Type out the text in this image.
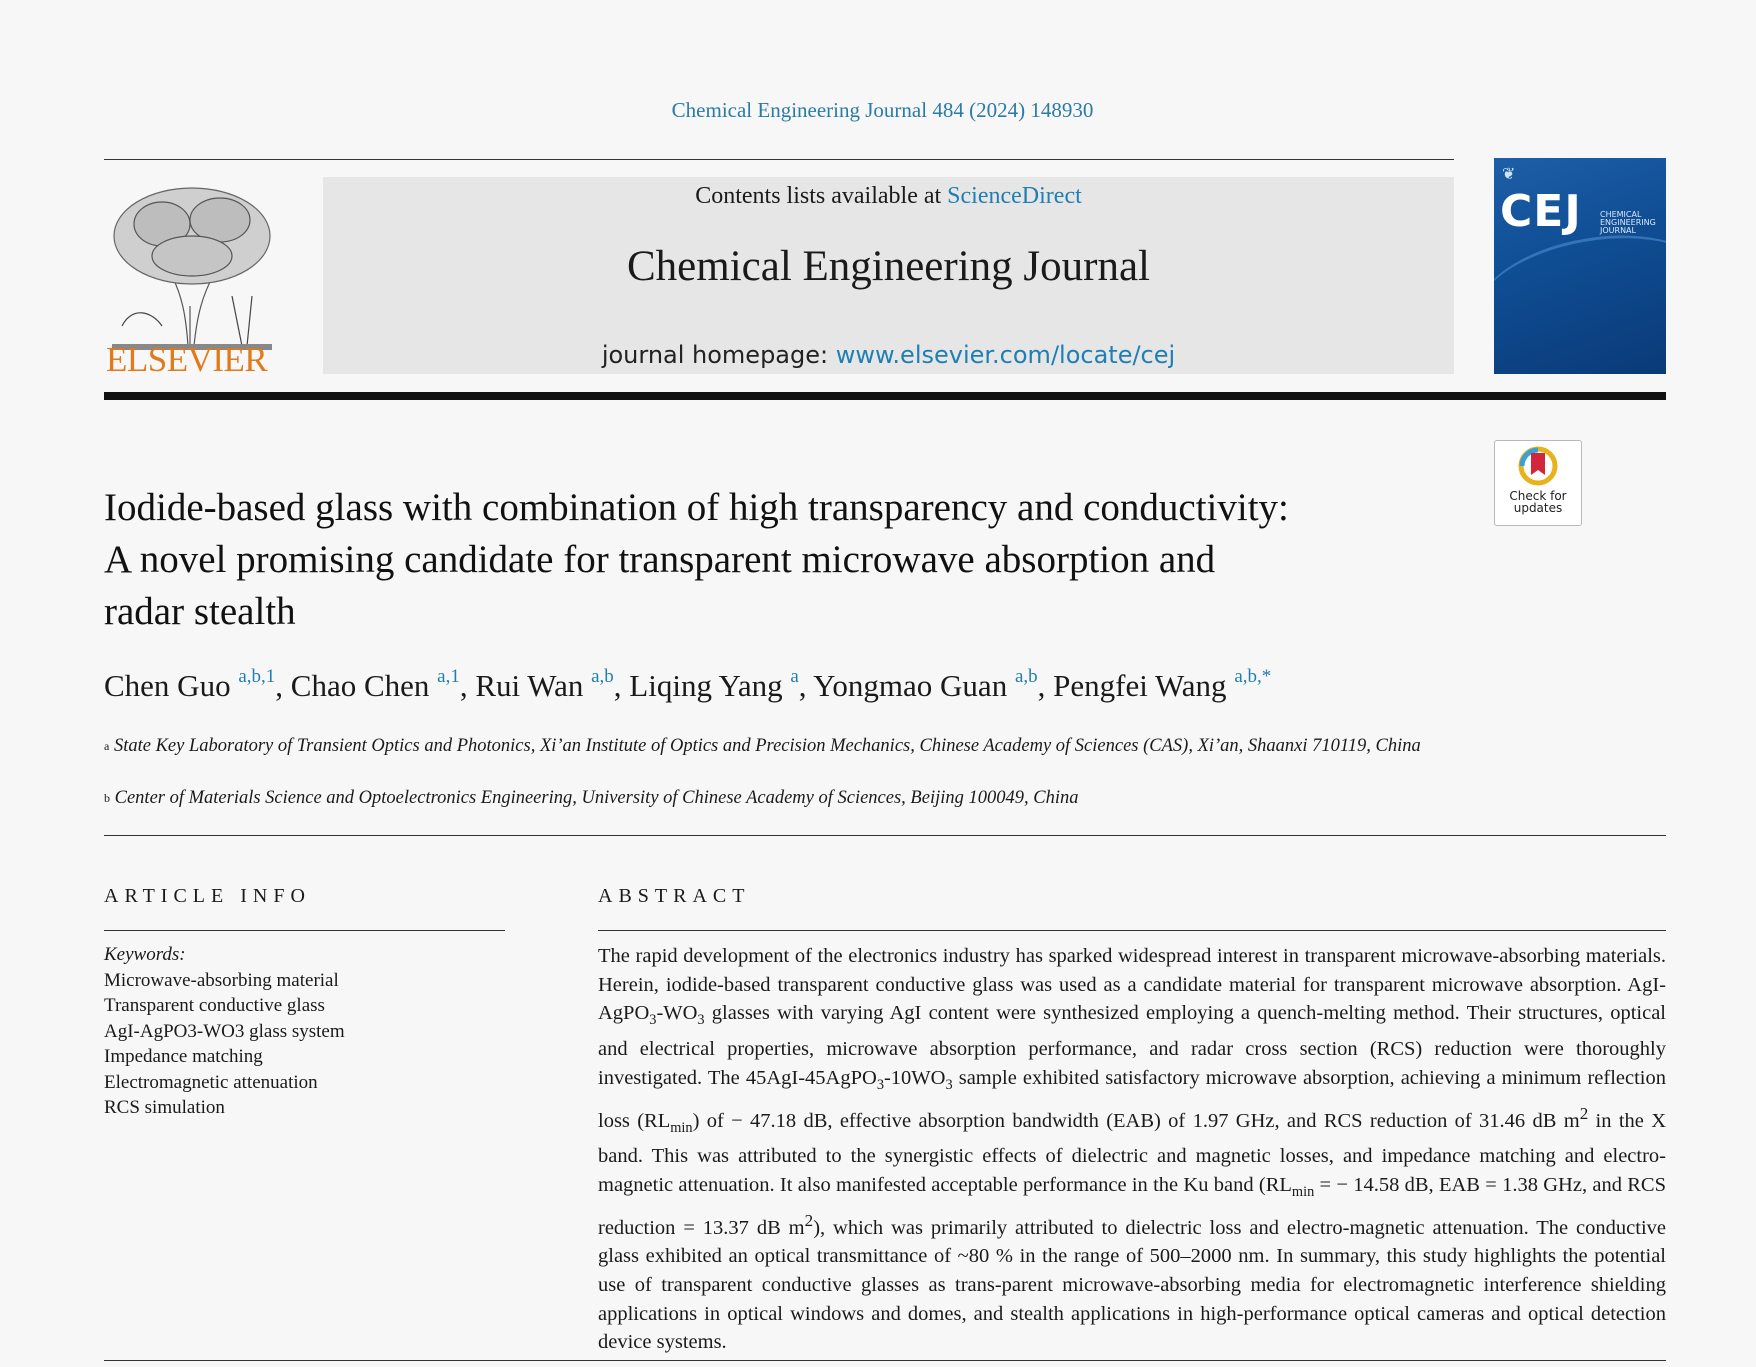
Chemical Engineering Journal 484 (2024) 148930
ELSEVIER
Contents lists available at ScienceDirect
Chemical Engineering Journal
journal homepage: www.elsevier.com/locate/cej
❦
CEJ CHEMICAL
ENGINEERING
JOURNAL
Check for
updates
Iodide-based glass with combination of high transparency and conductivity:
A novel promising candidate for transparent microwave absorption and
radar stealth
Chen Guo $^{a,b,1}$, Chao Chen $^{a,1}$, Rui Wan $^{a,b}$, Liqing Yang $^a$, Yongmao Guan $^{a,b}$, Pengfei Wang $^{a,b,*}$
$^a$ State Key Laboratory of Transient Optics and Photonics, Xi’an Institute of Optics and Precision Mechanics, Chinese Academy of Sciences (CAS), Xi’an, Shaanxi 710119, China
$^b$ Center of Materials Science and Optoelectronics Engineering, University of Chinese Academy of Sciences, Beijing 100049, China
ARTICLE INFO
Keywords:
Microwave-absorbing material
Transparent conductive glass
AgI-AgPO3-WO3 glass system
Impedance matching
Electromagnetic attenuation
RCS simulation
ABSTRACT

The rapid development of the electronics industry has sparked widespread interest in transparent microwave-absorbing materials. Herein, iodide-based transparent conductive glass was used as a candidate material for transparent microwave absorption. AgI-$AgPO_3-WO_3$ glasses with varying AgI content were synthesized employing a quench-melting method. Their structures, optical and electrical properties, microwave absorption performance, and radar cross section (RCS) reduction were thoroughly investigated. The $45AgI-45AgPO_3-10WO_3$ sample exhibited satisfactory microwave absorption, achieving a minimum reflection loss $(RL_{min})$ of − 47.18 dB, effective absorption bandwidth (EAB) of 1.97 GHz, and RCS reduction of 31.46 dB $m^2$ in the X band. This was attributed to the synergistic effects of dielectric and magnetic losses, and impedance matching and electro-magnetic attenuation. It also manifested acceptable performance in the Ku band ($RL_{min}$ = − 14.58 dB, EAB = 1.38 GHz, and RCS reduction = 13.37 dB $m^2$), which was primarily attributed to dielectric loss and electro-magnetic attenuation. The conductive glass exhibited an optical transmittance of ~80 % in the range of 500–2000 nm. In summary, this study highlights the potential use of transparent conductive glasses as trans-parent microwave-absorbing media for electromagnetic interference shielding applications in optical windows and domes, and stealth applications in high-performance optical cameras and optical detection device systems.
